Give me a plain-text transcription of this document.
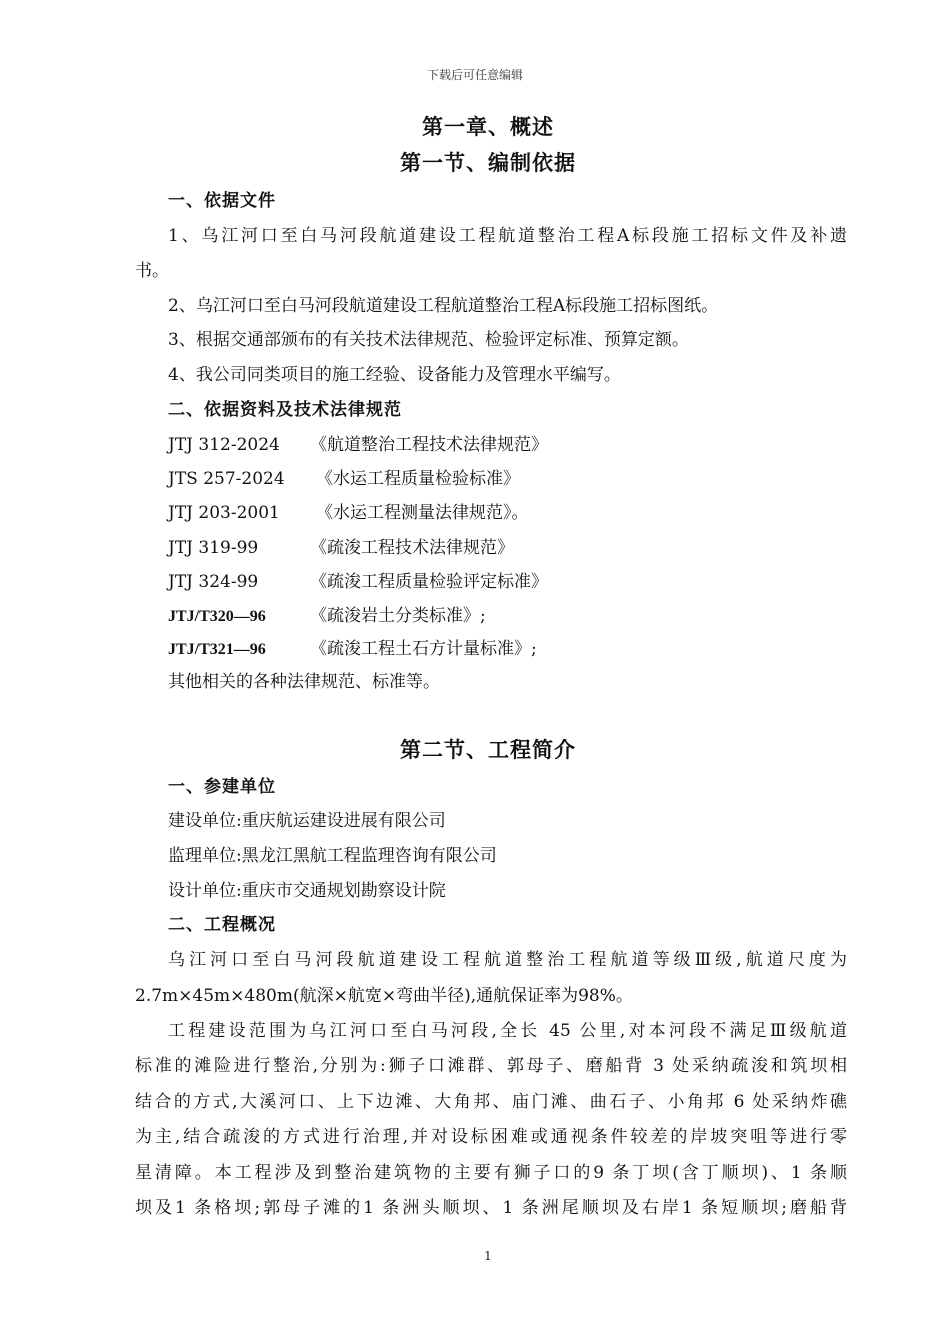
下载后可任意编辑
第一章、概述
第一节、编制依据
一、依据文件
1、乌江河口至白马河段航道建设工程航道整治工程A标段施工招标文件及补遗
书。
2、乌江河口至白马河段航道建设工程航道整治工程A标段施工招标图纸。
3、根据交通部颁布的有关技术法律规范、检验评定标准、预算定额。
4、我公司同类项目的施工经验、设备能力及管理水平编写。
二、依据资料及技术法律规范
JTJ 312-2024 《航道整治工程技术法律规范》
JTS 257-2024 《水运工程质量检验标准》
JTJ 203-2001 《水运工程测量法律规范》。
JTJ 319-99	《疏浚工程技术法律规范》
JTJ 324-99	《疏浚工程质量检验评定标准》
JTJ/T320—96	《疏浚岩土分类标准》;
JTJ/T321—96	《疏浚工程土石方计量标准》;
其他相关的各种法律规范、标准等。
第二节、工程简介
一、参建单位
建设单位:重庆航运建设进展有限公司
监理单位:黑龙江黑航工程监理咨询有限公司
设计单位:重庆市交通规划勘察设计院
二、工程概况
乌江河口至白马河段航道建设工程航道整治工程航道等级Ⅲ级,航道尺度为
2.7m×45m×480m(航深×航宽×弯曲半径),通航保证率为98%。
工程建设范围为乌江河口至白马河段,全长 45 公里,对本河段不满足Ⅲ级航道
标准的滩险进行整治,分别为:狮子口滩群、郭母子、磨船背 3 处采纳疏浚和筑坝相
结合的方式,大溪河口、上下边滩、大角邦、庙门滩、曲石子、小角邦 6 处采纳炸礁
为主,结合疏浚的方式进行治理,并对设标困难或通视条件较差的岸坡突咀等进行零
星清障。本工程涉及到整治建筑物的主要有狮子口的9 条丁坝(含丁顺坝)、1 条顺
坝及1 条格坝;郭母子滩的1 条洲头顺坝、1 条洲尾顺坝及右岸1 条短顺坝;磨船背
1
